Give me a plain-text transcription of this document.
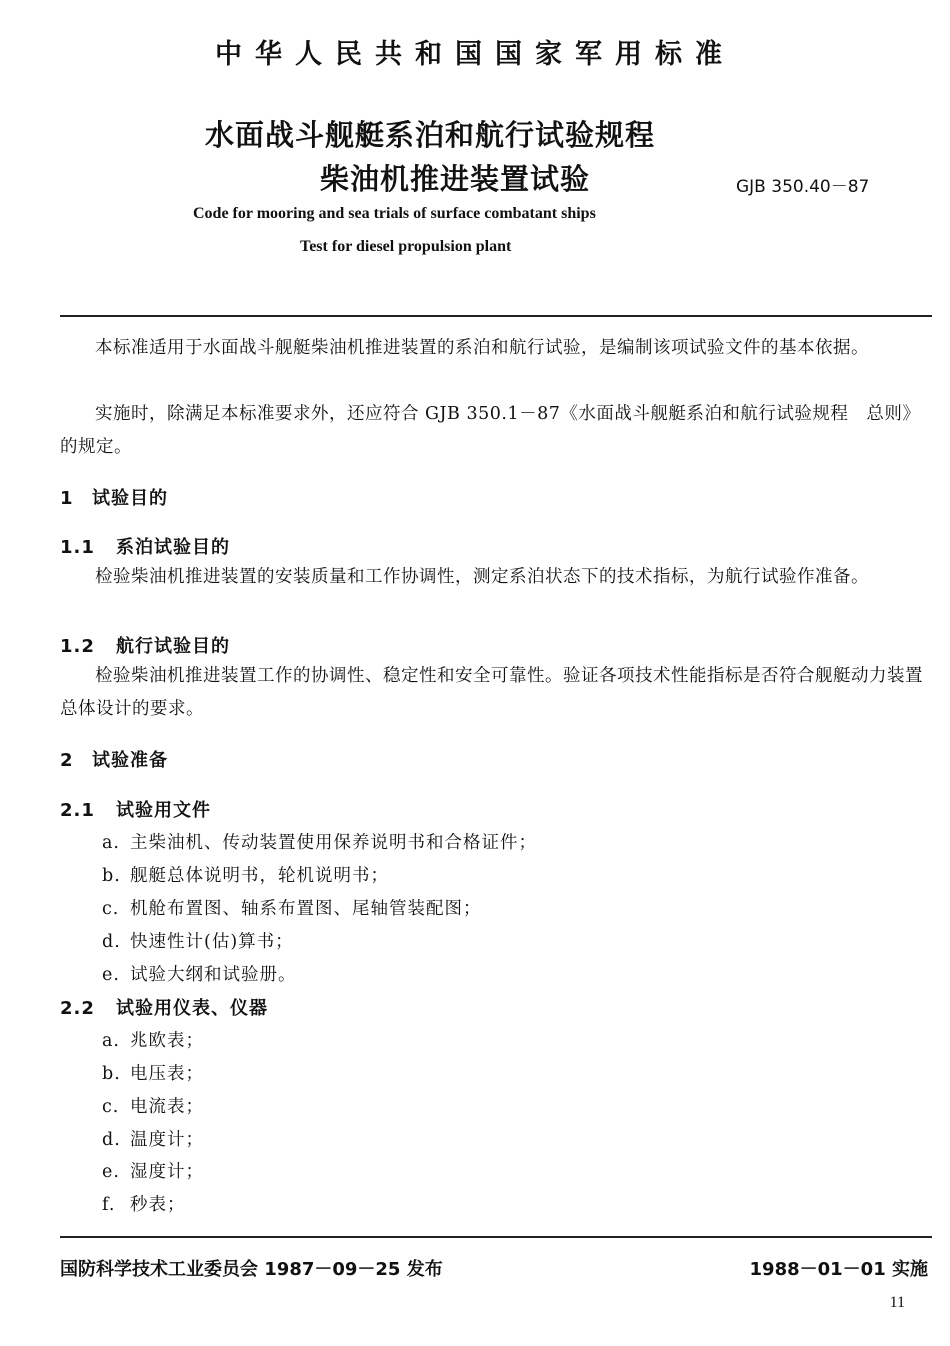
中华人民共和国国家军用标准
水面战斗舰艇系泊和航行试验规程
柴油机推进装置试验	GJB 350.40－87
Code for mooring and sea trials of surface combatant ships
Test for diesel propulsion plant
本标准适用于水面战斗舰艇柴油机推进装置的系泊和航行试验，是编制该项试验文件的基本依据。
实施时，除满足本标准要求外，还应符合 GJB 350.1－87《水面战斗舰艇系泊和航行试验规程　总则》的规定。
1 试验目的
1.1 系泊试验目的
检验柴油机推进装置的安装质量和工作协调性，测定系泊状态下的技术指标，为航行试验作准备。
1.2 航行试验目的
检验柴油机推进装置工作的协调性、稳定性和安全可靠性。验证各项技术性能指标是否符合舰艇动力装置总体设计的要求。
2 试验准备
2.1 试验用文件
a. 主柴油机、传动装置使用保养说明书和合格证件；
b. 舰艇总体说明书，轮机说明书；
c. 机舱布置图、轴系布置图、尾轴管装配图；
d. 快速性计(估)算书；
e. 试验大纲和试验册。
2.2 试验用仪表、仪器
a. 兆欧表；
b. 电压表；
c. 电流表；
d. 温度计；
e. 湿度计；
f. 秒表；
国防科学技术工业委员会 1987－09－25 发布	1988－01－01 实施
11
